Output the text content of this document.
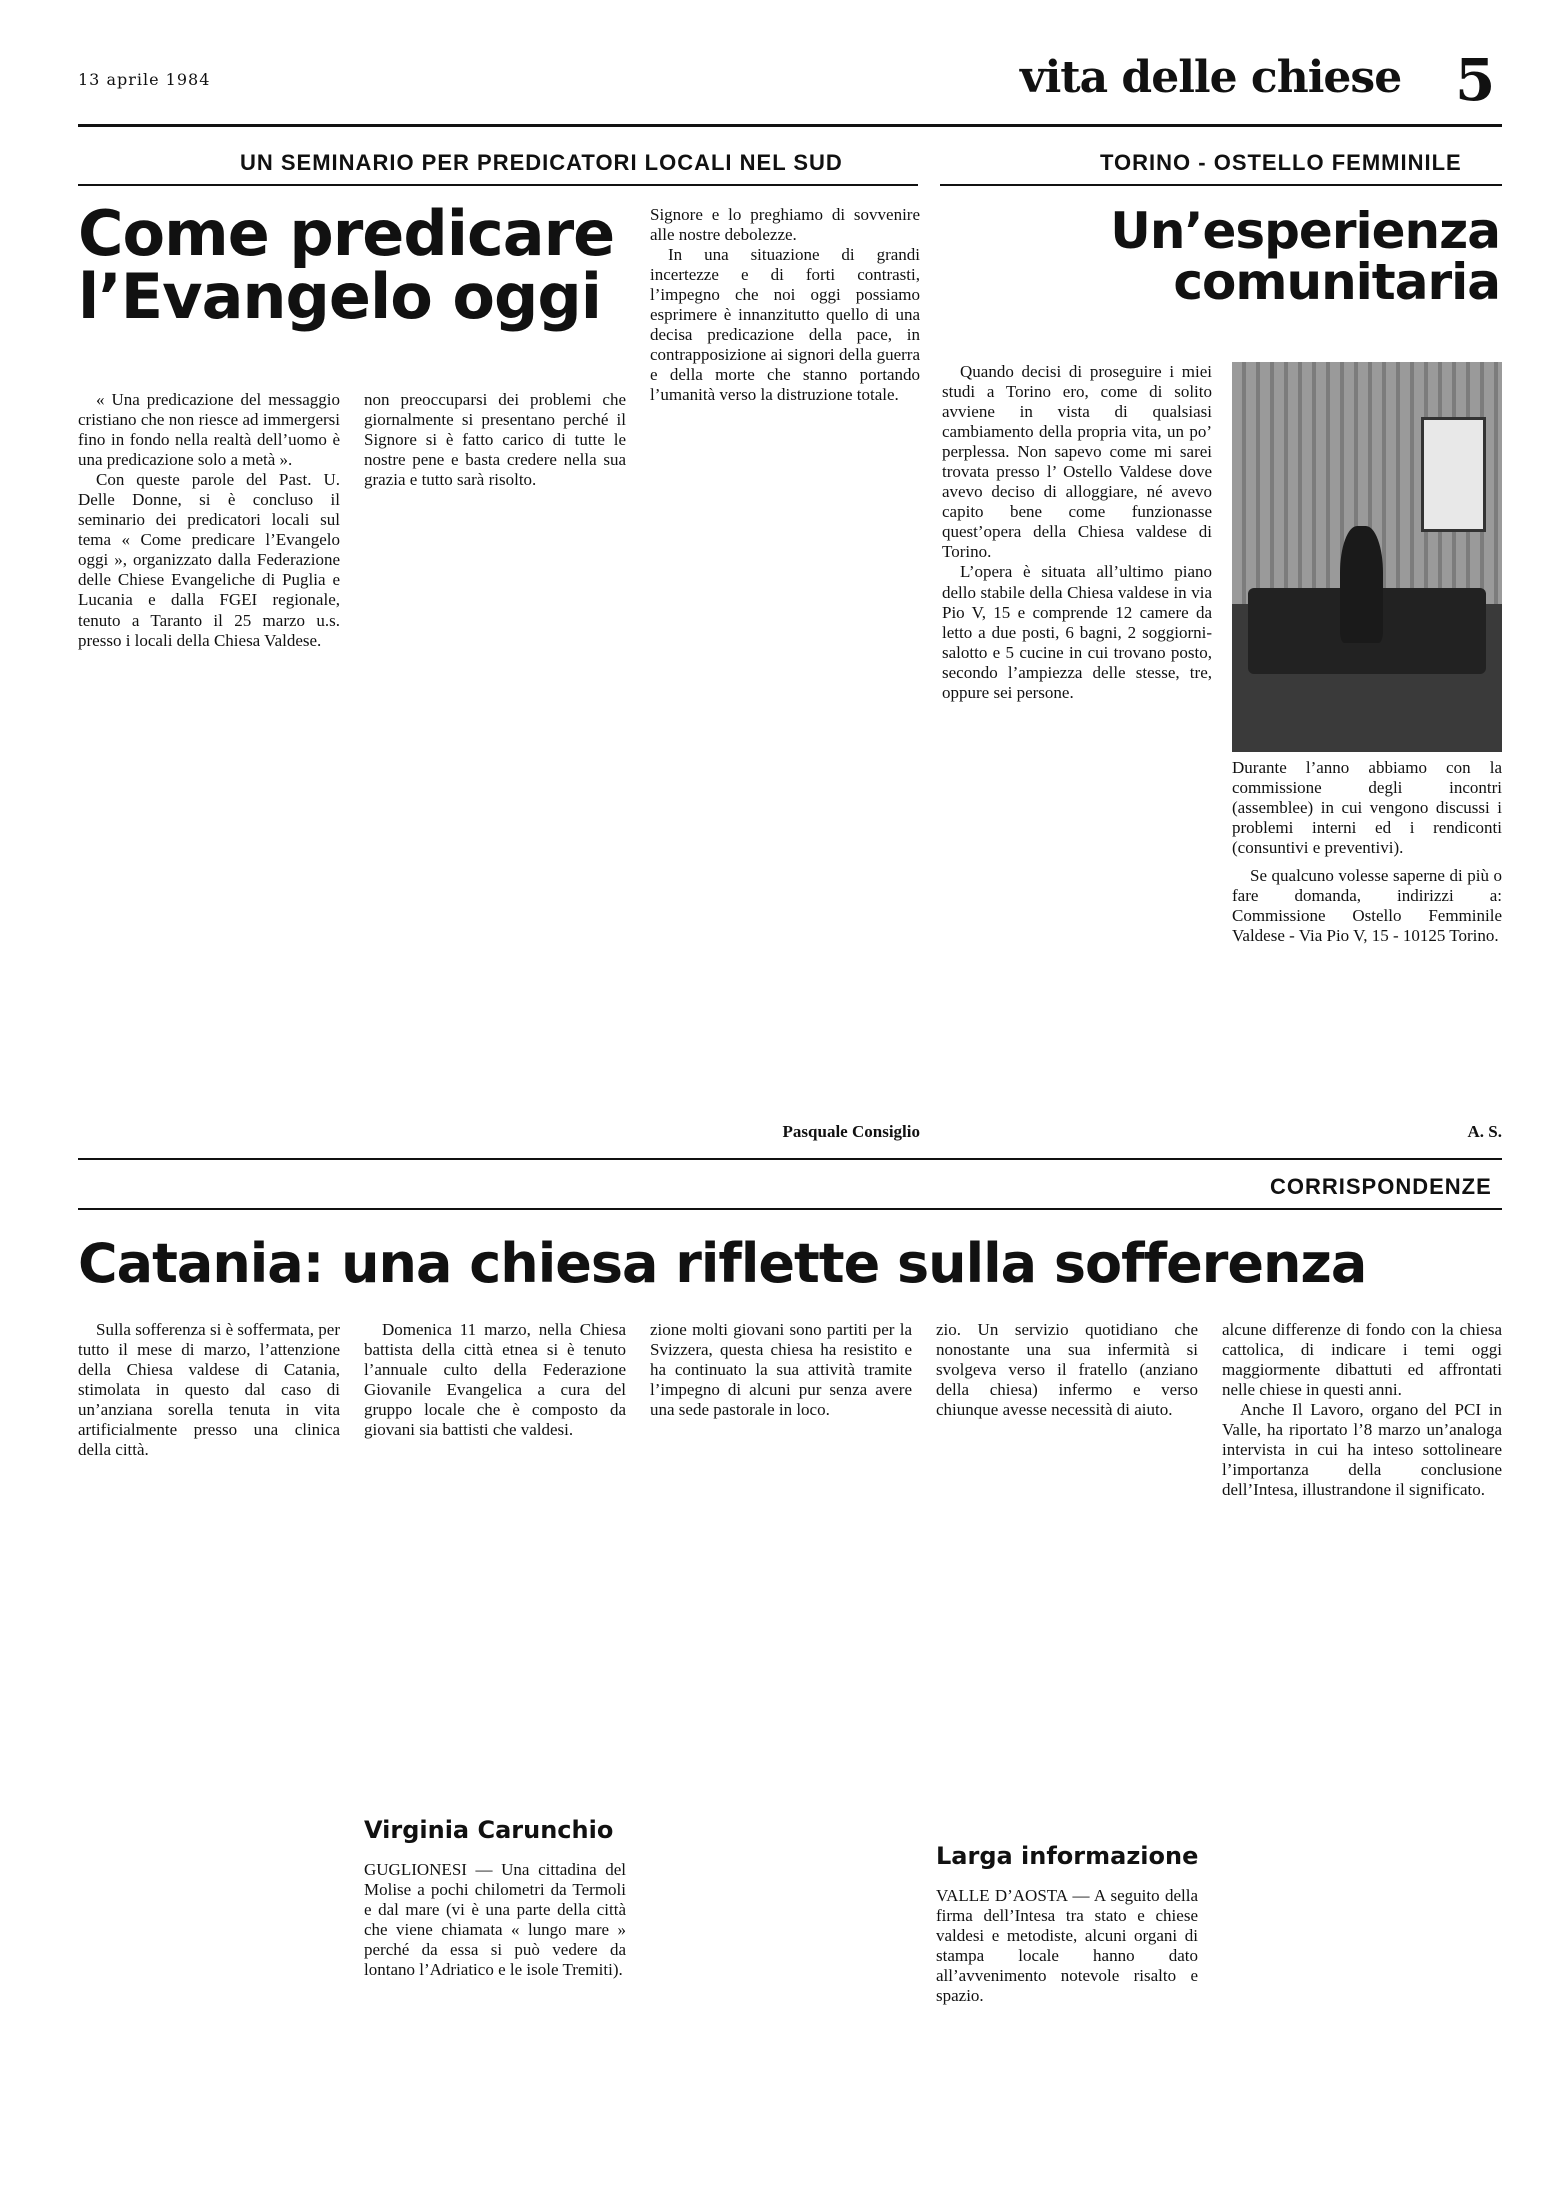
13 aprile 1984	vita delle chiese 5
UN SEMINARIO PER PREDICATORI LOCALI NEL SUD
Come predicare l’Evangelo oggi

« Una predicazione del messaggio cristiano che non riesce ad immergersi fino in fondo nella realtà dell’uomo è una predicazione solo a metà ».

Con queste parole del Past. U. Delle Donne, si è concluso il seminario dei predicatori locali sul tema « Come predicare l’Evangelo oggi », organizzato dalla Federazione delle Chiese Evangeliche di Puglia e Lucania e dalla FGEI regionale, tenuto a Taranto il 25 marzo u.s. presso i locali della Chiesa Valdese.

non preoccuparsi dei problemi che giornalmente si presentano perché il Signore si è fatto carico di tutte le nostre pene e basta credere nella sua grazia e tutto sarà risolto.

Signore e lo preghiamo di sovvenire alle nostre debolezze.

In una situazione di grandi incertezze e di forti contrasti, l’impegno che noi oggi possiamo esprimere è innanzitutto quello di una decisa predicazione della pace, in contrapposizione ai signori della guerra e della morte che stanno portando l’umanità verso la distruzione totale.

Pasquale Consiglio
TORINO - OSTELLO FEMMINILE
Un’esperienza comunitaria

Quando decisi di proseguire i miei studi a Torino ero, come di solito avviene in vista di qualsiasi cambiamento della propria vita, un po’ perplessa. Non sapevo come mi sarei trovata presso l’ Ostello Valdese dove avevo deciso di alloggiare, né avevo capito bene come funzionasse quest’opera della Chiesa valdese di Torino.

L’opera è situata all’ultimo piano dello stabile della Chiesa valdese in via Pio V, 15 e comprende 12 camere da letto a due posti, 6 bagni, 2 soggiorni-salotto e 5 cucine in cui trovano posto, secondo l’ampiezza delle stesse, tre, oppure sei persone.

Durante l’anno abbiamo con la commissione degli incontri (assemblee) in cui vengono discussi i problemi interni ed i rendiconti (consuntivi e preventivi).

Se qualcuno volesse saperne di più o fare domanda, indirizzi a: Commissione Ostello Femminile Valdese - Via Pio V, 15 - 10125 Torino.

A. S.
CORRISPONDENZE
Catania: una chiesa riflette sulla sofferenza

Sulla sofferenza si è soffermata, per tutto il mese di marzo, l’attenzione della Chiesa valdese di Catania, stimolata in questo dal caso di un’anziana sorella tenuta in vita artificialmente presso una clinica della città.

Domenica 11 marzo, nella Chiesa battista della città etnea si è tenuto l’annuale culto della Federazione Giovanile Evangelica a cura del gruppo locale che è composto da giovani sia battisti che valdesi.

Virginia Carunchio

GUGLIONESI — Una cittadina del Molise a pochi chilometri da Termoli e dal mare (vi è una parte della città che viene chiamata « lungo mare » perché da essa si può vedere da lontano l’Adriatico e le isole Tremiti).

zione molti giovani sono partiti per la Svizzera, questa chiesa ha resistito e ha continuato la sua attività tramite l’impegno di alcuni pur senza avere una sede pastorale in loco.

zio. Un servizio quotidiano che nonostante una sua infermità si svolgeva verso il fratello (anziano della chiesa) infermo e verso chiunque avesse necessità di aiuto.

Larga informazione

VALLE D’AOSTA — A seguito della firma dell’Intesa tra stato e chiese valdesi e metodiste, alcuni organi di stampa locale hanno dato all’avvenimento notevole risalto e spazio.

alcune differenze di fondo con la chiesa cattolica, di indicare i temi oggi maggiormente dibattuti ed affrontati nelle chiese in questi anni.

Anche Il Lavoro, organo del PCI in Valle, ha riportato l’8 marzo un’analoga intervista in cui ha inteso sottolineare l’importanza della conclusione dell’Intesa, illustrandone il significato.
